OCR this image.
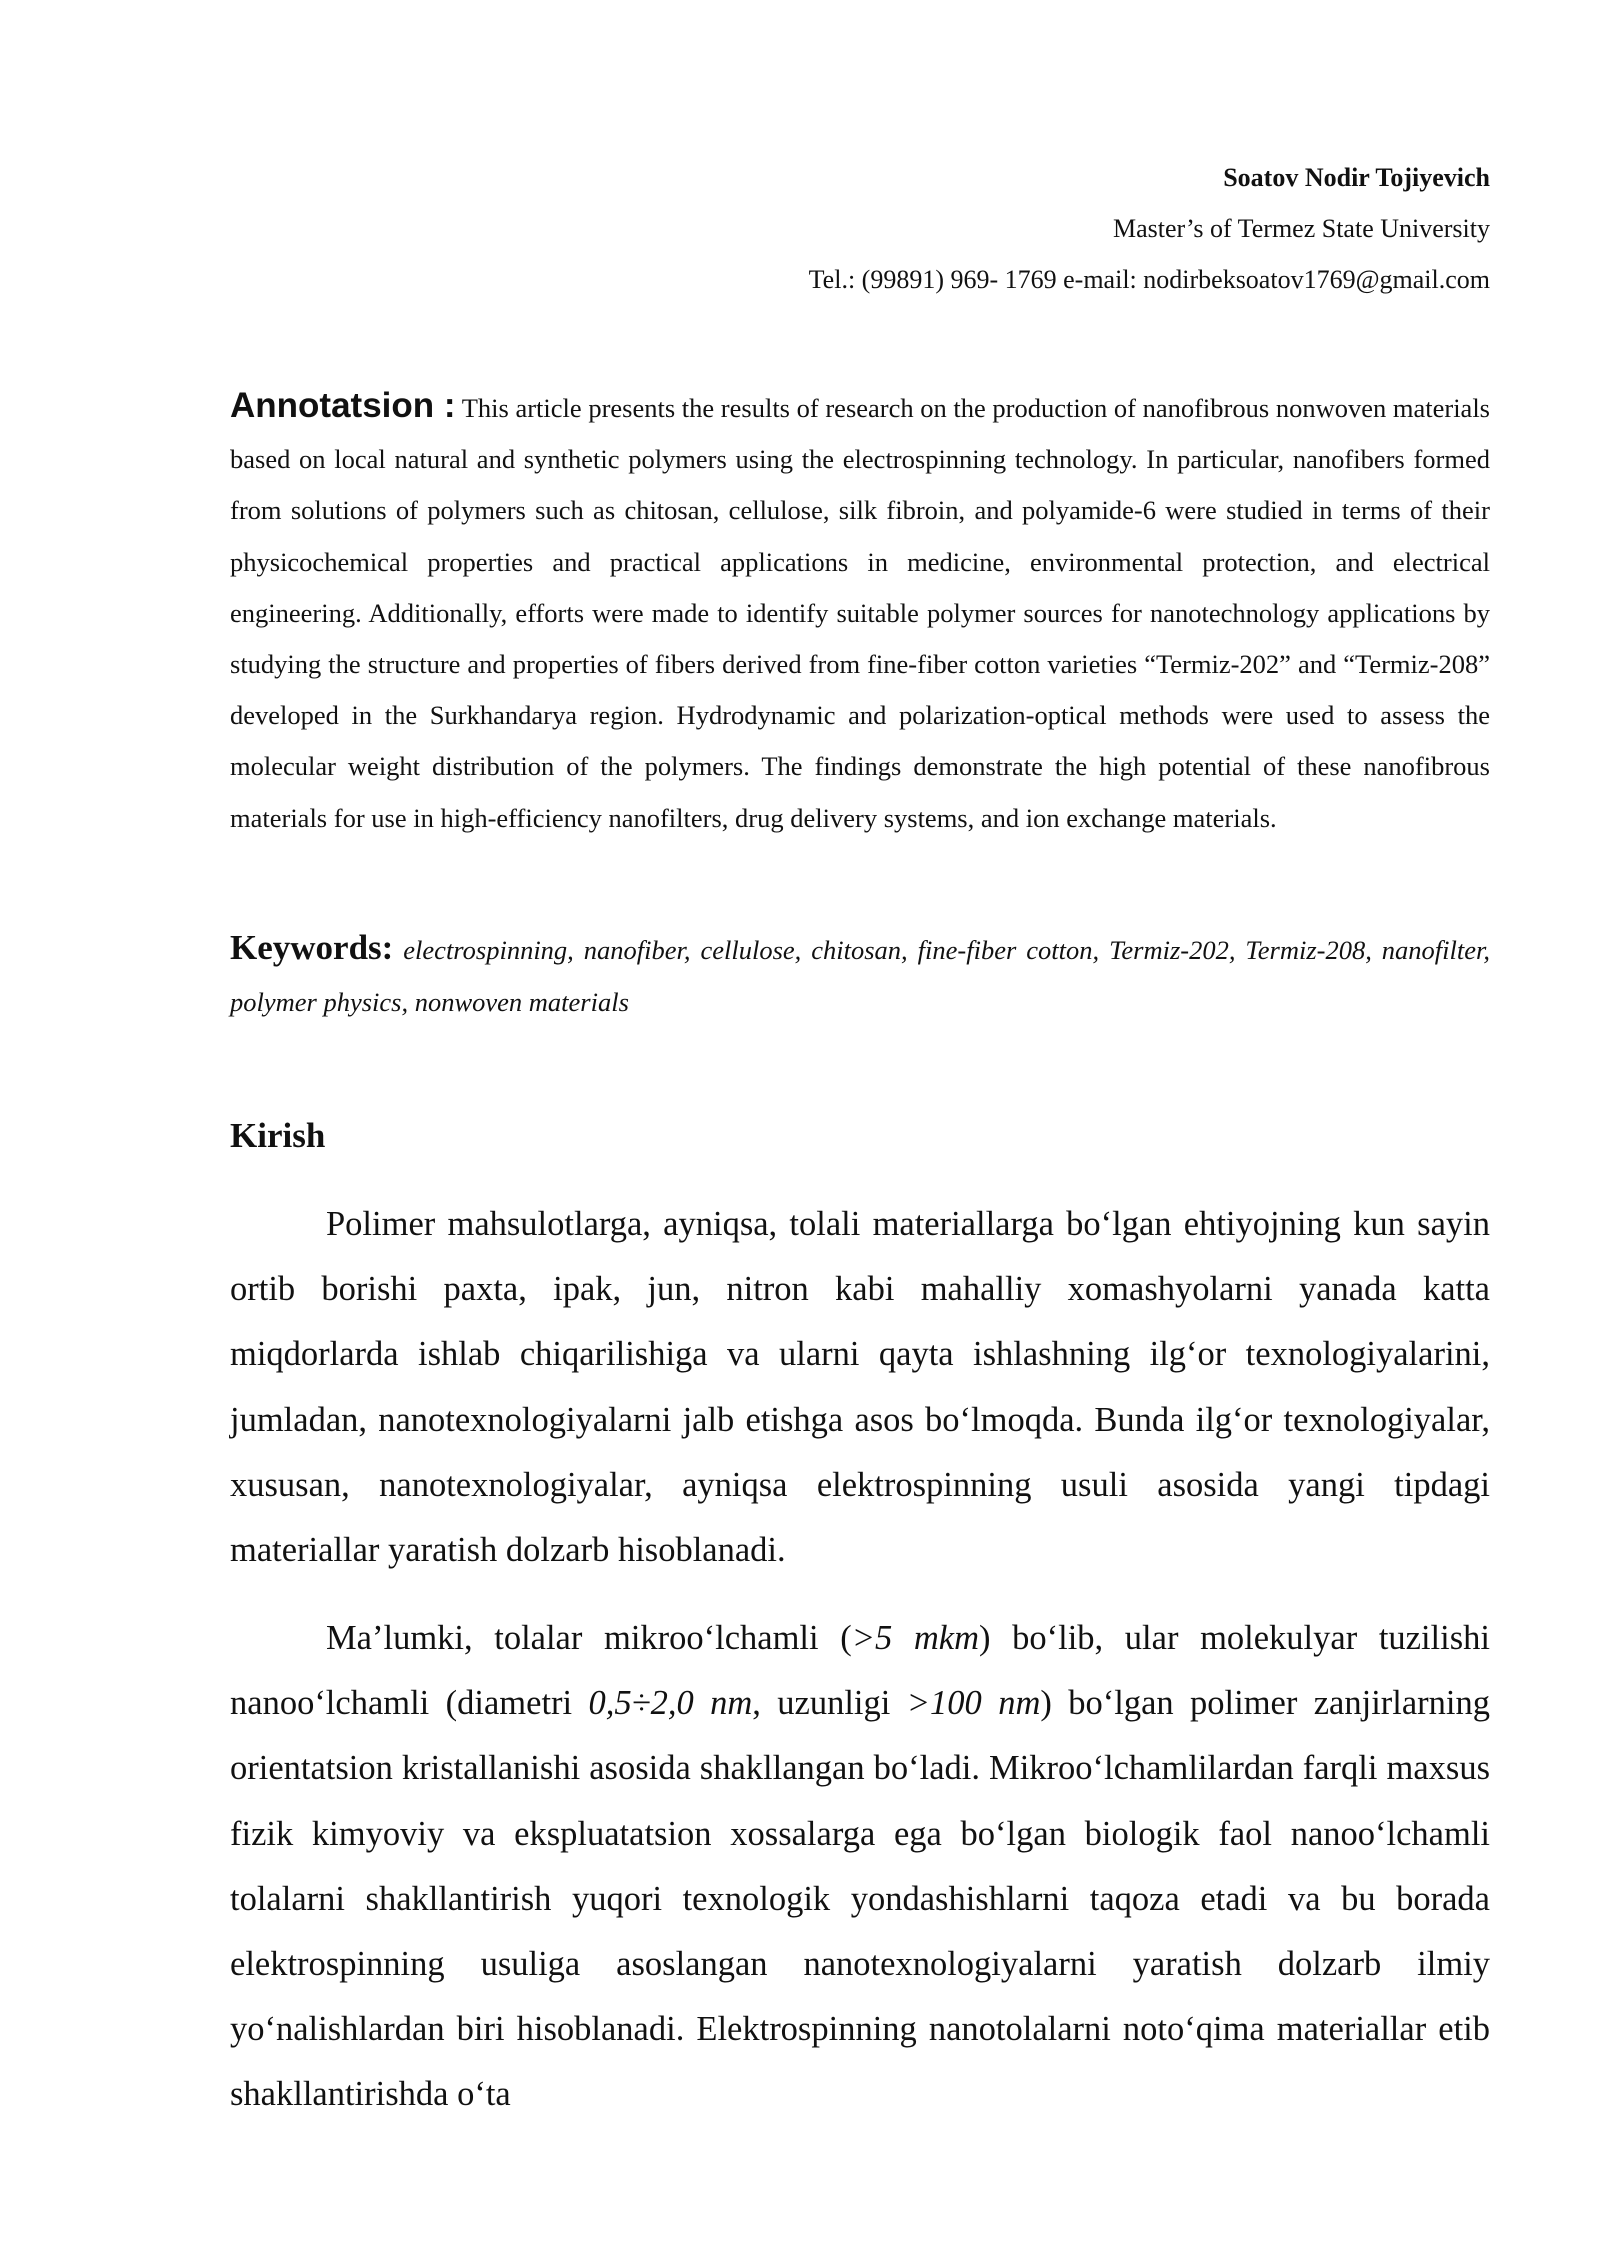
Soatov Nodir Tojiyevich
Master’s of Termez State University
Tel.: (99891) 969- 1769 e-mail: nodirbeksoatov1769@gmail.com
Annotatsion : This article presents the results of research on the production of nanofibrous nonwoven materials based on local natural and synthetic polymers using the electrospinning technology. In particular, nanofibers formed from solutions of polymers such as chitosan, cellulose, silk fibroin, and polyamide-6 were studied in terms of their physicochemical properties and practical applications in medicine, environmental protection, and electrical engineering. Additionally, efforts were made to identify suitable polymer sources for nanotechnology applications by studying the structure and properties of fibers derived from fine-fiber cotton varieties “Termiz-202” and “Termiz-208” developed in the Surkhandarya region. Hydrodynamic and polarization-optical methods were used to assess the molecular weight distribution of the polymers. The findings demonstrate the high potential of these nanofibrous materials for use in high-efficiency nanofilters, drug delivery systems, and ion exchange materials.
Keywords: electrospinning, nanofiber, cellulose, chitosan, fine-fiber cotton, Termiz-202, Termiz-208, nanofilter, polymer physics, nonwoven materials
Kirish

Polimer mahsulotlarga, ayniqsa, tolali materiallarga bo‘lgan ehtiyojning kun sayin ortib borishi paxta, ipak, jun, nitron kabi mahalliy xomashyolarni yanada katta miqdorlarda ishlab chiqarilishiga va ularni qayta ishlashning ilg‘or texnologiyalarini, jumladan, nanotexnologiyalarni jalb etishga asos bo‘lmoqda. Bunda ilg‘or texnologiyalar, xususan, nanotexnologiyalar, ayniqsa elektrospinning usuli asosida yangi tipdagi materiallar yaratish dolzarb hisoblanadi.

Ma’lumki, tolalar mikroo‘lchamli (>5 mkm) bo‘lib, ular molekulyar tuzilishi nanoo‘lchamli (diametri 0,5÷2,0 nm, uzunligi >100 nm) bo‘lgan polimer zanjirlarning orientatsion kristallanishi asosida shakllangan bo‘ladi. Mikroo‘lchamlilardan farqli maxsus fizik kimyoviy va ekspluatatsion xossalarga ega bo‘lgan biologik faol nanoo‘lchamli tolalarni shakllantirish yuqori texnologik yondashishlarni taqoza etadi va bu borada elektrospinning usuliga asoslangan nanotexnologiyalarni yaratish dolzarb ilmiy yo‘nalishlardan biri hisoblanadi. Elektrospinning nanotolalarni noto‘qima materiallar etib shakllantirishda o‘ta
